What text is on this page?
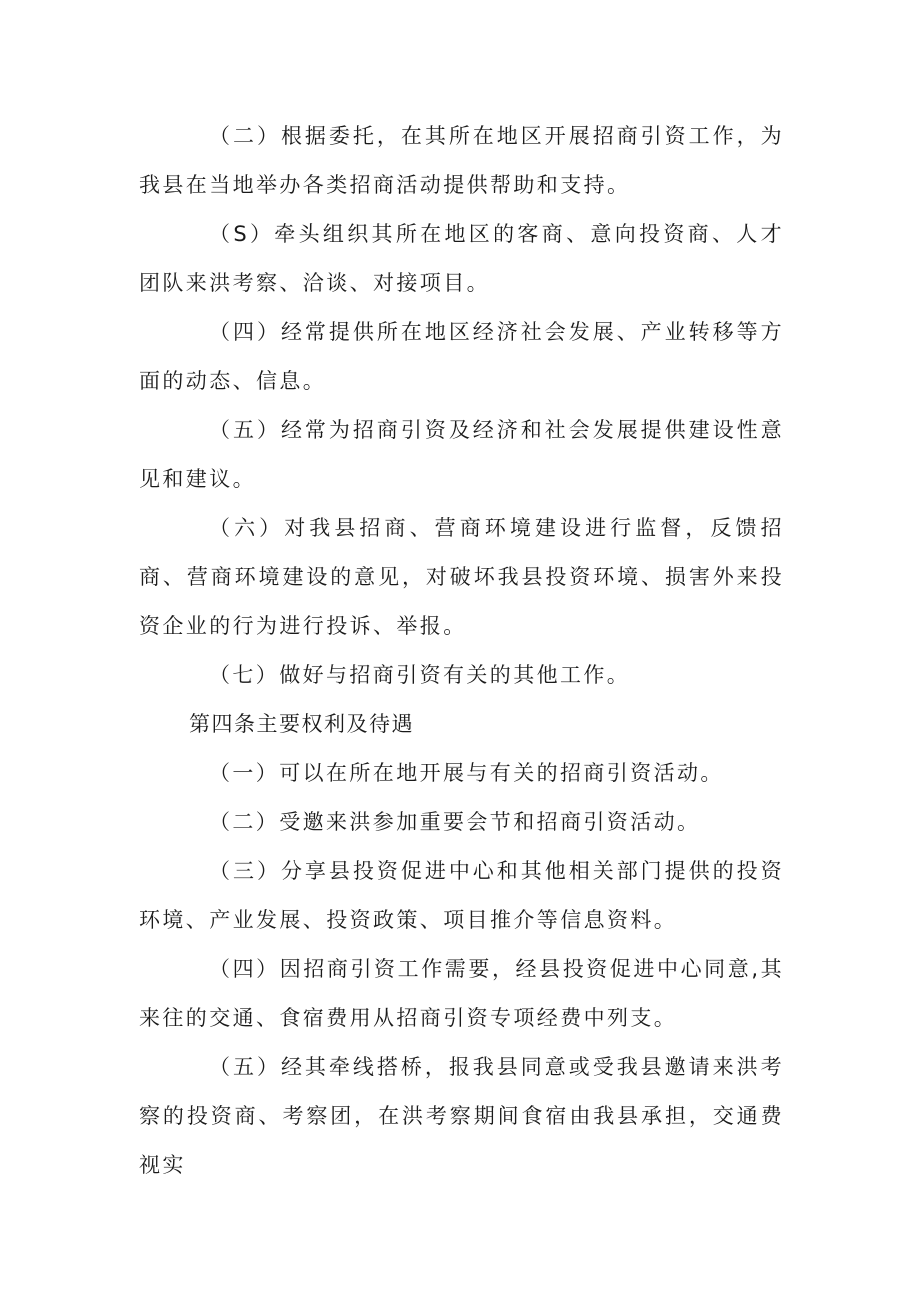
（二）根据委托，在其所在地区开展招商引资工作，为我县在当地举办各类招商活动提供帮助和支持。

（S）牵头组织其所在地区的客商、意向投资商、人才团队来洪考察、洽谈、对接项目。

（四）经常提供所在地区经济社会发展、产业转移等方面的动态、信息。

（五）经常为招商引资及经济和社会发展提供建设性意见和建议。

（六）对我县招商、营商环境建设进行监督，反馈招商、营商环境建设的意见，对破坏我县投资环境、损害外来投资企业的行为进行投诉、举报。

（七）做好与招商引资有关的其他工作。

第四条主要权利及待遇

（一）可以在所在地开展与有关的招商引资活动。

（二）受邀来洪参加重要会节和招商引资活动。

（三）分享县投资促进中心和其他相关部门提供的投资环境、产业发展、投资政策、项目推介等信息资料。

（四）因招商引资工作需要，经县投资促进中心同意,其来往的交通、食宿费用从招商引资专项经费中列支。

（五）经其牵线搭桥，报我县同意或受我县邀请来洪考察的投资商、考察团，在洪考察期间食宿由我县承担，交通费视实
